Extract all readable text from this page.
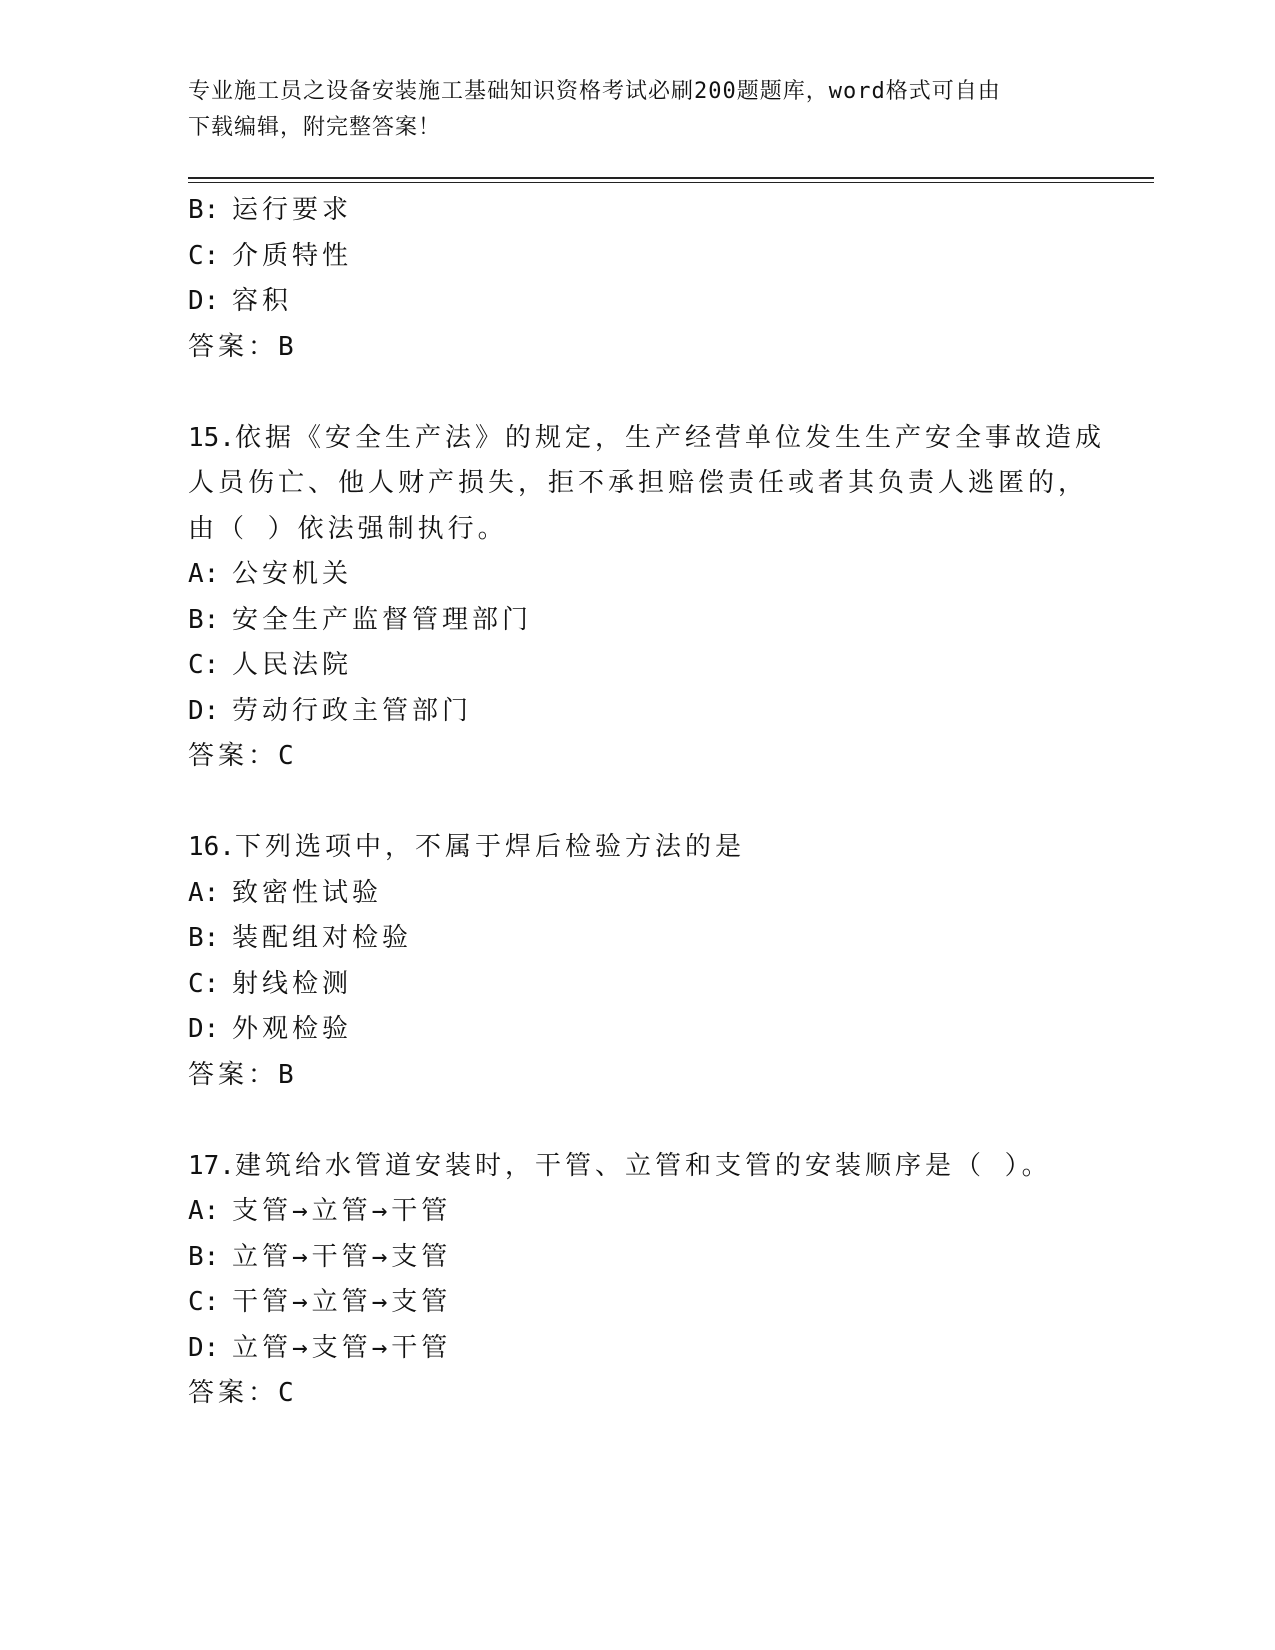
专业施工员之设备安装施工基础知识资格考试必刷200题题库，word格式可自由
下载编辑，附完整答案！
B: 运行要求
C: 介质特性
D: 容积
答案：B
15.依据《安全生产法》的规定，生产经营单位发生生产安全事故造成
人员伤亡、他人财产损失，拒不承担赔偿责任或者其负责人逃匿的，
由（ ）依法强制执行。
A: 公安机关
B: 安全生产监督管理部门
C: 人民法院
D: 劳动行政主管部门
答案：C
16.下列选项中，不属于焊后检验方法的是
A: 致密性试验
B: 装配组对检验
C: 射线检测
D: 外观检验
答案：B
17.建筑给水管道安装时，干管、立管和支管的安装顺序是（ ）。
A: 支管→立管→干管
B: 立管→干管→支管
C: 干管→立管→支管
D: 立管→支管→干管
答案：C
